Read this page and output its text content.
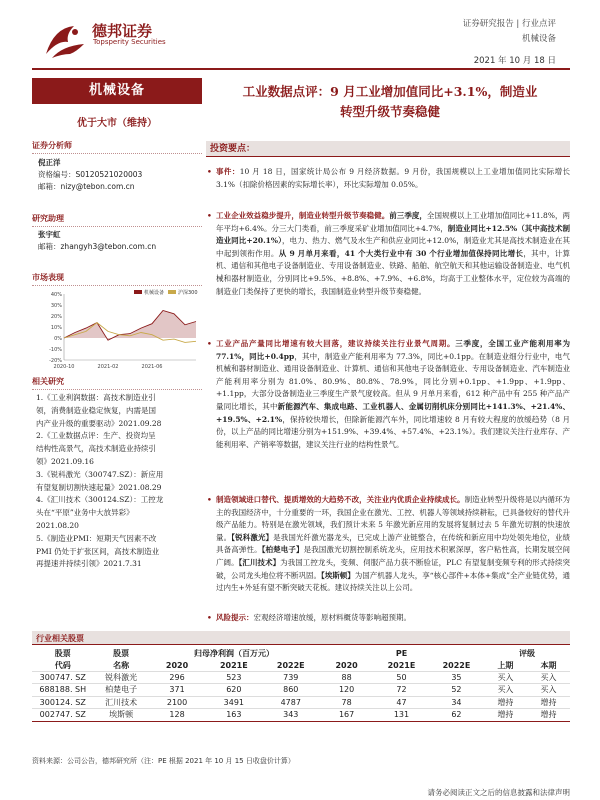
德邦证券
Topsperity Securities
证券研究报告 | 行业点评
机械设备
2021 年 10 月 18 日
机械设备
优于大市（维持）
证券分析师
倪正洋
资格编号：S0120521020003
邮箱：nizy@tebon.com.cn
研究助理
张宇虹
邮箱：zhangyh3@tebon.com.cn
市场表现
40%
30%
20%
10%
0%
-10%
-20%
2020-10	2021-02	2021-06
机械设备	沪深300
相关研究
1.《工业利润数据：高技术制造业引
领，消费制造业稳定恢复，内需是国
内产业升级的重要驱动》2021.09.28
2.《工业数据点评：生产、投资均呈
结构性高景气，高技术制造业持续引
领》2021.09.16
3.《锐科激光（300747.SZ）：新应用
有望复制切割快速起量》2021.08.29
4.《汇川技术（300124.SZ）：工控龙
头在“平原”业务中大放异彩》
2021.08.20
5.《制造业PMI：短期天气因素不改
PMI 仍处于扩张区间，高技术制造业
再提速并持续引领》2021.7.31
工业数据点评：9 月工业增加值同比+3.1%，制造业
转型升级节奏稳健
投资要点：
• 事件：10 月 18 日，国家统计局公布 9 月经济数据。9 月份，我国规模以上工业增加值同比实际增长 3.1%（扣除价格因素的实际增长率），环比实际增加 0.05%。
• 工业企业效益稳步提升，制造业转型升级节奏稳健。前三季度，全国规模以上工业增加值同比+11.8%，两年平均+6.4%。分三大门类看，前三季度采矿业增加值同比+4.7%，制造业同比+12.5%（其中高技术制造业同比+20.1%），电力、热力、燃气及水生产和供应业同比+12.0%，制造业尤其是高技术制造业在其中起到领衔作用。从 9 月单月来看，41 个大类行业中有 30 个行业增加值保持同比增长，其中，计算机、通信和其他电子设备制造业、专用设备制造业、铁路、船舶、航空航天和其他运输设备制造业、电气机械和器材制造业，分别同比+9.5%、+8.8%、+7.9%、+6.8%，均高于工业整体水平，定位较为高端的制造业门类保持了更快的增长，我国制造业转型升级节奏稳健。
• 工业产品产量同比增速有较大回落，建议持续关注行业景气周期。三季度，全国工业产能利用率为 77.1%，同比+0.4pp，其中，制造业产能利用率为 77.3%，同比+0.1pp。在制造业细分行业中，电气机械和器材制造业、通用设备制造业、计算机、通信和其他电子设备制造业、专用设备制造业、汽车制造业产能利用率分别为 81.0%、80.9%、80.8%、78.9%，同比分别+0.1pp、+1.9pp、+1.9pp、+1.1pp，大部分设备制造业三季度生产景气度较高。但从 9 月单月来看，612 种产品中有 255 种产品产量同比增长，其中新能源汽车、集成电路、工业机器人、金属切削机床分别同比+141.3%、+21.4%、+19.5%、+2.1%，保持较快增长，但除新能源汽车外，同比增速较 8 月有较大程度的放缓趋势（8 月份，以上产品的同比增速分别为+151.9%、+39.4%、+57.4%、+23.1%）。我们建议关注行业库存、产能利用率、产销率等数据，建议关注行业的结构性景气。
• 制造领域进口替代、提质增效的大趋势不改，关注业内优质企业持续成长。制造业转型升级将是以内循环为主的我国经济中，十分重要的一环，我国企业在激光、工控、机器人等领域持续耕耘，已具备较好的替代升级产品能力。特别是在激光领域，我们预计未来 5 年激光新应用的发展将复制过去 5 年激光切割的快速放量。【锐科激光】是我国光纤激光器龙头，已完成上游产业链整合，在传统和新应用中均处领先地位，业绩具备高弹性。【柏楚电子】是我国激光切割控制系统龙头，应用技术积累深厚，客户粘性高，长期发展空间广阔。【汇川技术】为我国工控龙头，变频、伺服产品力获不断验证，PLC 有望复制变频专利的形式持续突破，公司龙头地位将不断巩固。【埃斯顿】为国产机器人龙头，享“核心部件+本体+集成”全产业链优势，通过内生+外延有望不断突破天花板。建议持续关注以上公司。
• 风险提示：宏观经济增速放缓，原材料概货等影响超预期。
行业相关股票
股票	股票	归母净利润（百万元）			PE			评级	
代码	名称	2020	2021E	2022E	2020	2021E	2022E	上期	本期
300747. SZ	锐科激光	296	523	739	88	50	35	买入	买入
688188. SH	柏楚电子	371	620	860	120	72	52	买入	买入
300124. SZ	汇川技术	2100	3491	4787	78	47	34	增持	增持
002747. SZ	埃斯顿	128	163	343	167	131	62	增持	增持
资料来源：公司公告，德邦研究所（注：PE 根据 2021 年 10 月 15 日收盘价计算）
请务必阅读正文之后的信息披露和法律声明
